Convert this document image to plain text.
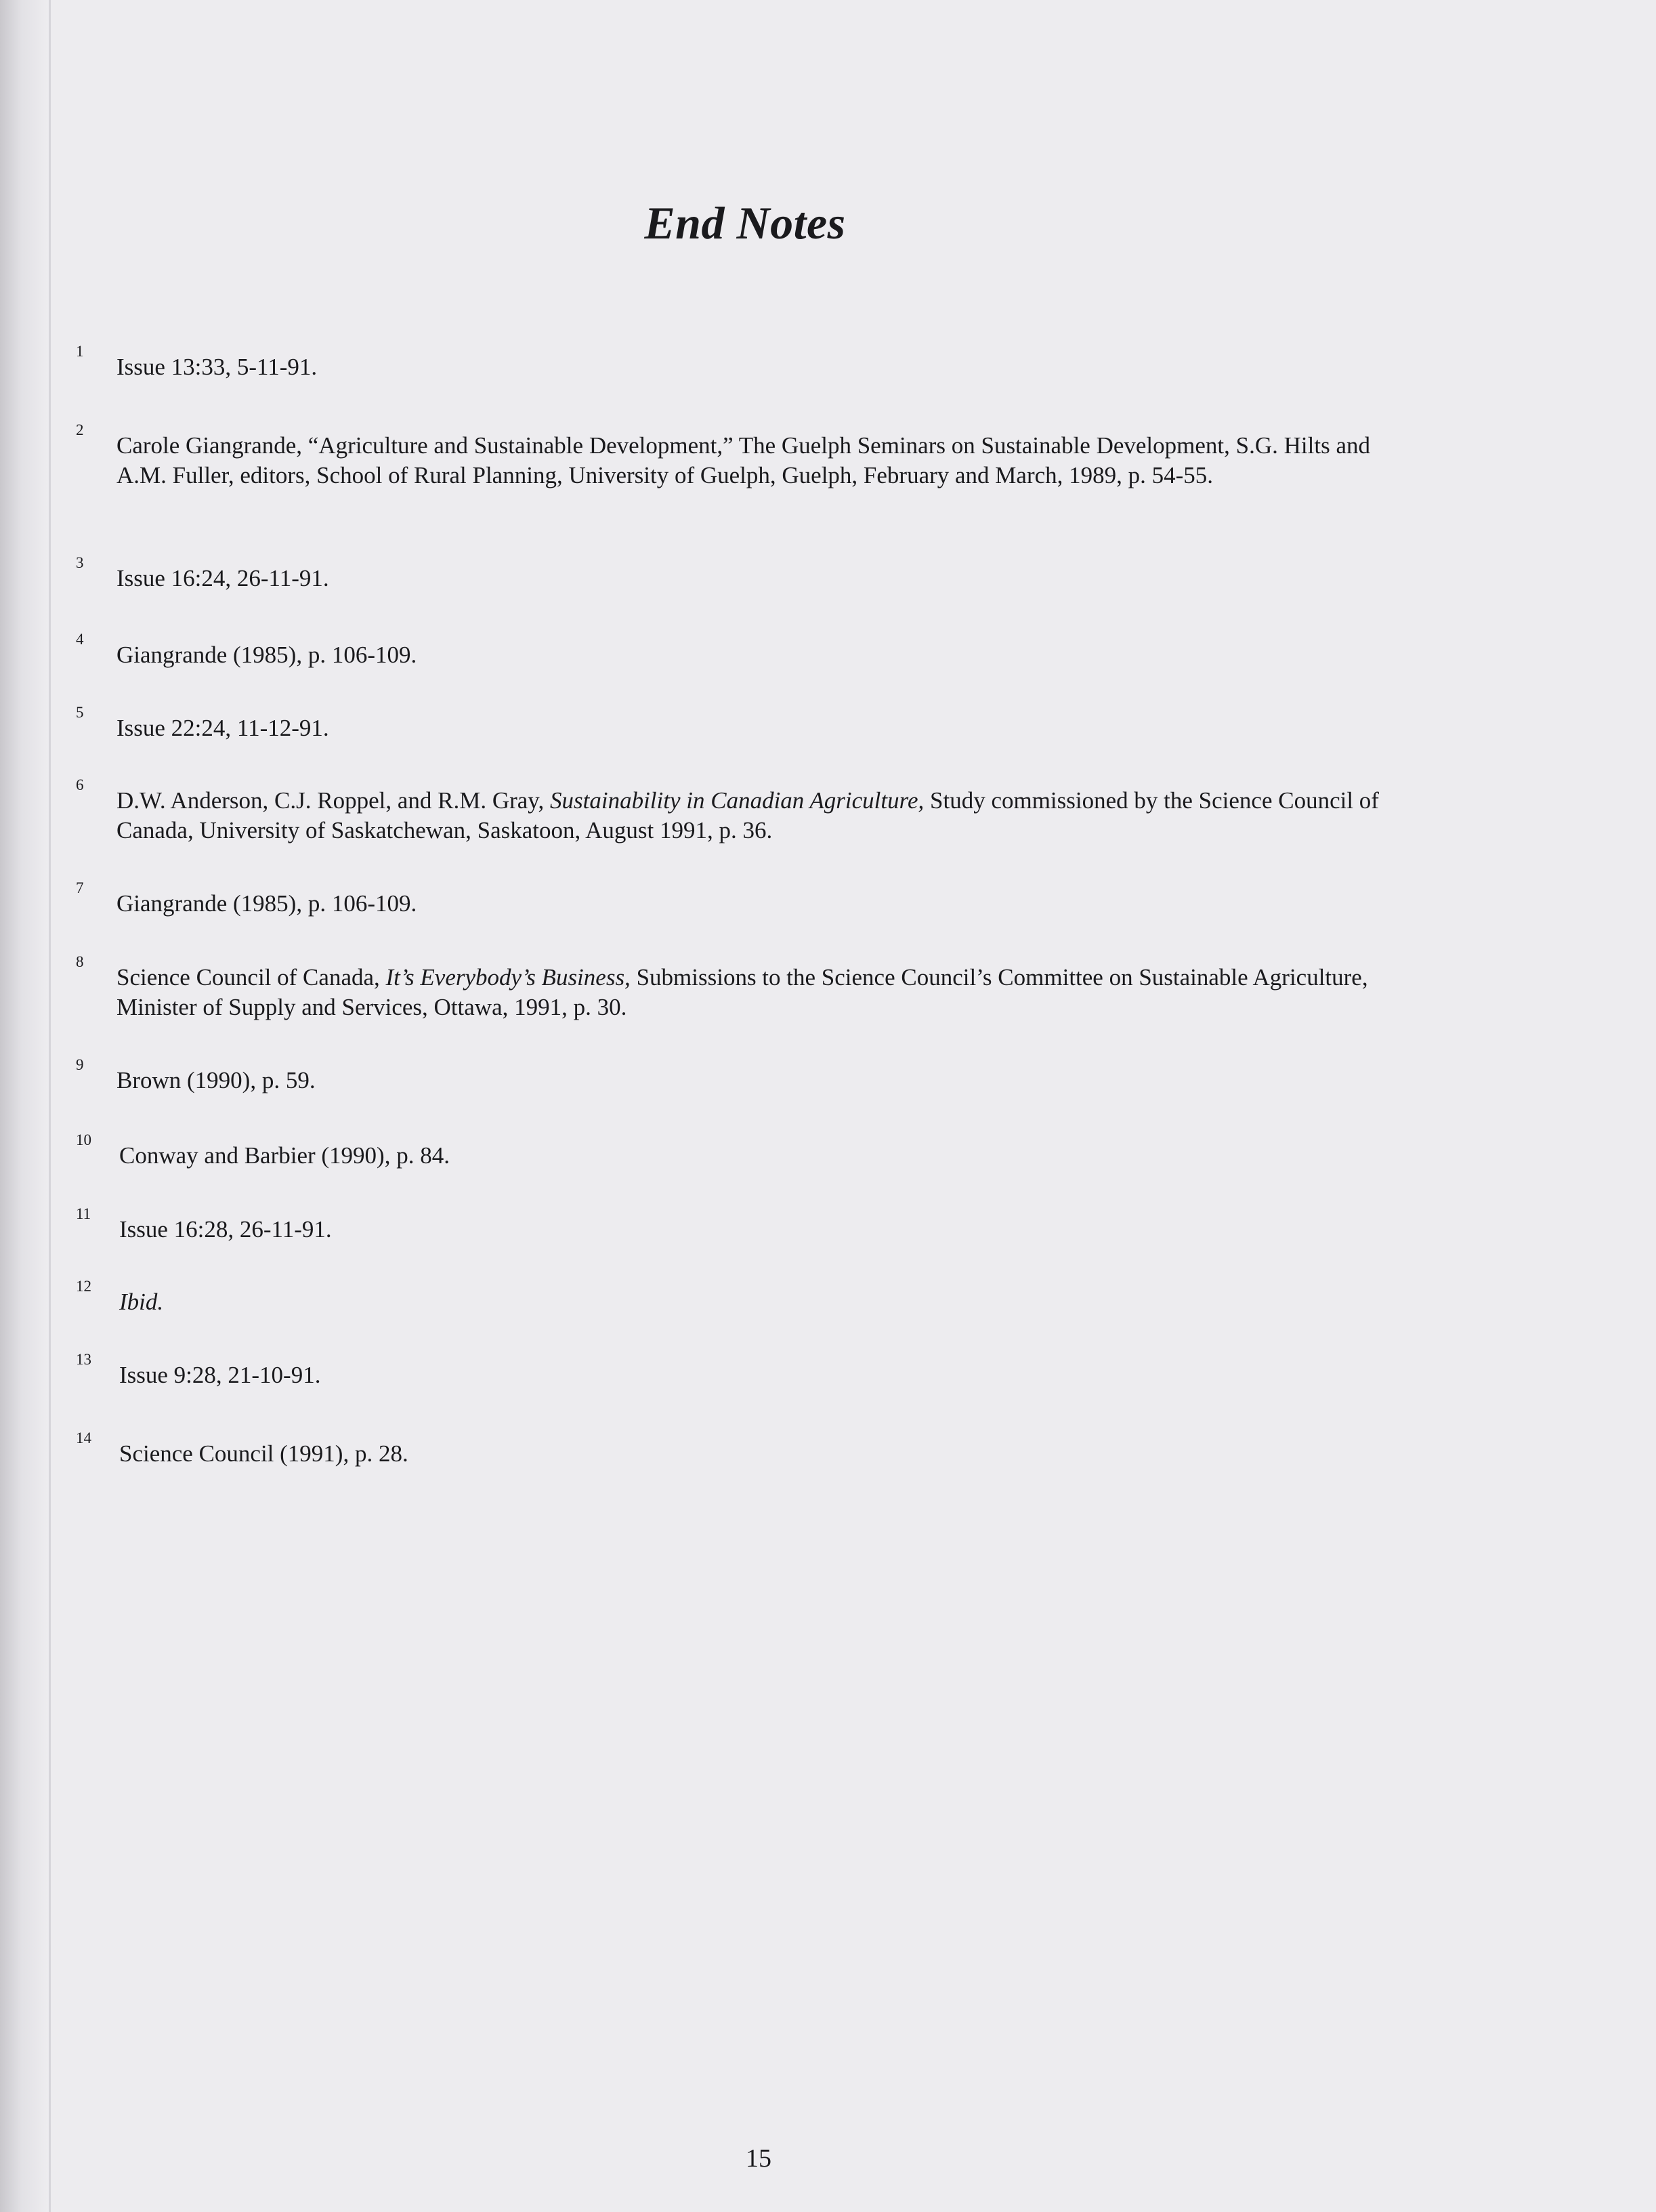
End Notes
1
Issue 13:33, 5-11-91.
2
Carole Giangrande, “Agriculture and Sustainable Development,” The Guelph Seminars on Sustainable Development, S.G. Hilts and A.M. Fuller, editors, School of Rural Planning, University of Guelph, Guelph, February and March, 1989, p. 54-55.
3
Issue 16:24, 26-11-91.
4
Giangrande (1985), p. 106-109.
5
Issue 22:24, 11-12-91.
6
D.W. Anderson, C.J. Roppel, and R.M. Gray, Sustainability in Canadian Agriculture, Study commissioned by the Science Council of Canada, University of Saskatchewan, Saskatoon, August 1991, p. 36.
7
Giangrande (1985), p. 106-109.
8
Science Council of Canada, It’s Everybody’s Business, Submissions to the Science Council’s Committee on Sustainable Agriculture, Minister of Supply and Services, Ottawa, 1991, p. 30.
9
Brown (1990), p. 59.
10
Conway and Barbier (1990), p. 84.
11
Issue 16:28, 26-11-91.
12
Ibid.
13
Issue 9:28, 21-10-91.
14
Science Council (1991), p. 28.
15
